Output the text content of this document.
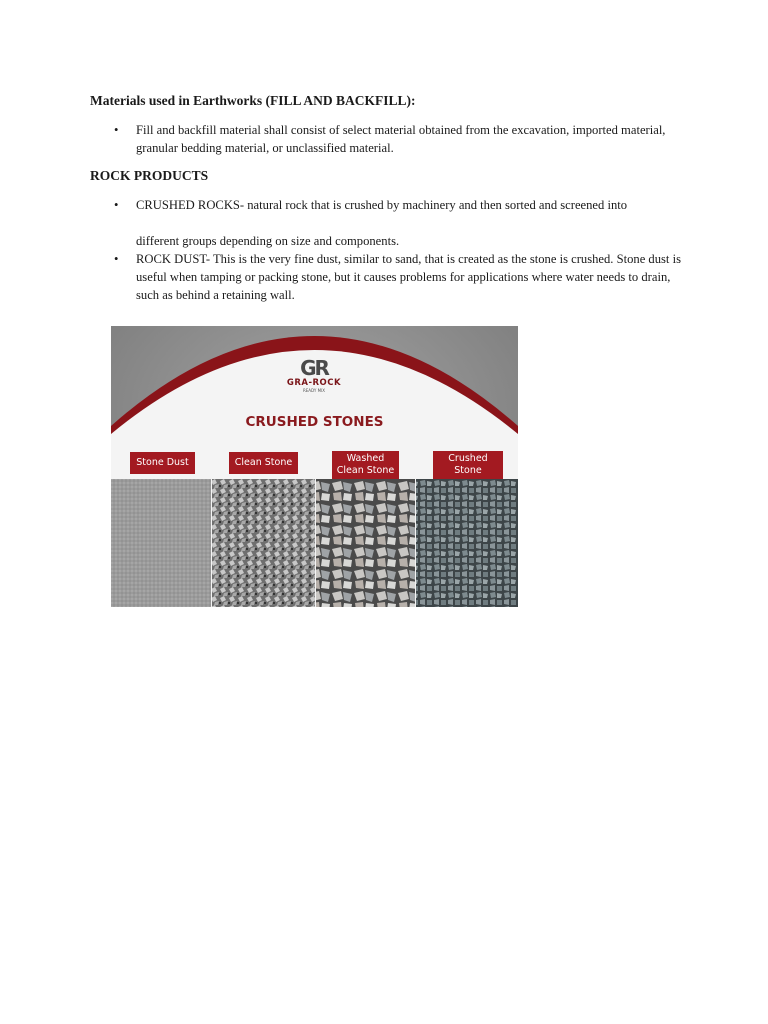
Materials used in Earthworks (FILL AND BACKFILL):
• Fill and backfill material shall consist of select material obtained from the excavation, imported material, granular bedding material, or unclassified material.
ROCK PRODUCTS
• CRUSHED ROCKS- natural rock that is crushed by machinery and then sorted and screened into
different groups depending on size and components.
• ROCK DUST- This is the very fine dust, similar to sand, that is created as the stone is crushed. Stone dust is useful when tamping or packing stone, but it causes problems for applications where water needs to drain, such as behind a retaining wall.
GR
GRA-ROCK
READY MIX
CRUSHED STONES
Stone Dust	Clean Stone	Washed Clean Stone
Crushed Stone
